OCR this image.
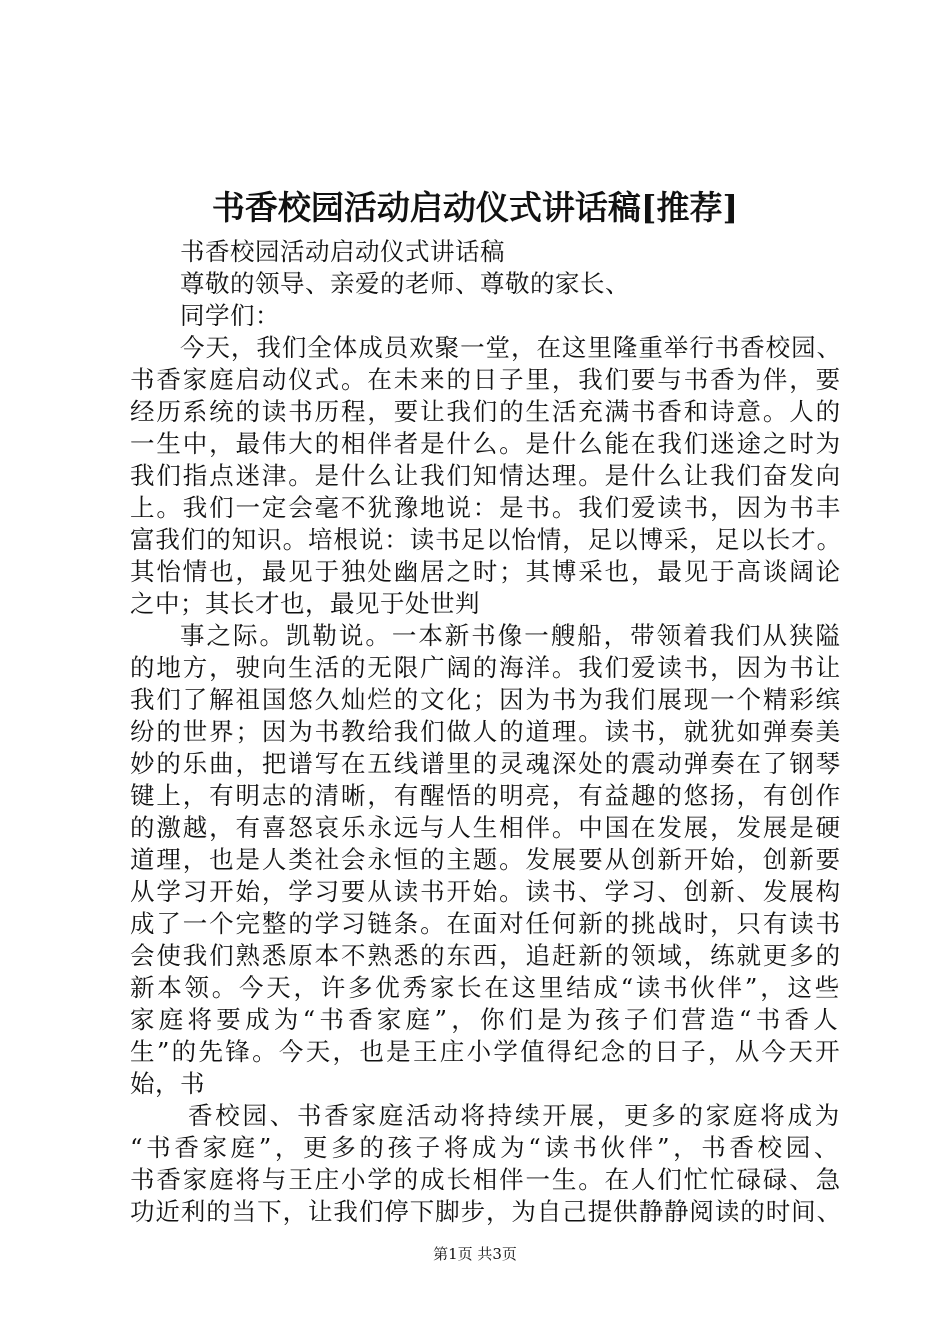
书香校园活动启动仪式讲话稿[推荐]
书香校园活动启动仪式讲话稿
尊敬的领导、亲爱的老师、尊敬的家长、
同学们：
今天，我们全体成员欢聚一堂，在这里隆重举行书香校园、
书香家庭启动仪式。在未来的日子里，我们要与书香为伴，要
经历系统的读书历程，要让我们的生活充满书香和诗意。人的
一生中，最伟大的相伴者是什么。是什么能在我们迷途之时为
我们指点迷津。是什么让我们知情达理。是什么让我们奋发向
上。我们一定会毫不犹豫地说：是书。我们爱读书，因为书丰
富我们的知识。培根说：读书足以怡情，足以博采，足以长才。
其怡情也，最见于独处幽居之时；其博采也，最见于高谈阔论
之中；其长才也，最见于处世判
事之际。凯勒说。一本新书像一艘船，带领着我们从狭隘
的地方，驶向生活的无限广阔的海洋。我们爱读书，因为书让
我们了解祖国悠久灿烂的文化；因为书为我们展现一个精彩缤
纷的世界；因为书教给我们做人的道理。读书，就犹如弹奏美
妙的乐曲，把谱写在五线谱里的灵魂深处的震动弹奏在了钢琴
键上，有明志的清晰，有醒悟的明亮，有益趣的悠扬，有创作
的激越，有喜怒哀乐永远与人生相伴。中国在发展，发展是硬
道理，也是人类社会永恒的主题。发展要从创新开始，创新要
从学习开始，学习要从读书开始。读书、学习、创新、发展构
成了一个完整的学习链条。在面对任何新的挑战时，只有读书
会使我们熟悉原本不熟悉的东西，追赶新的领域，练就更多的
新本领。今天，许多优秀家长在这里结成“读书伙伴”，这些
家庭将要成为“书香家庭”，你们是为孩子们营造“书香人
生”的先锋。今天，也是王庄小学值得纪念的日子，从今天开
始，书
香校园、书香家庭活动将持续开展，更多的家庭将成为
“书香家庭”，更多的孩子将成为“读书伙伴”，书香校园、
书香家庭将与王庄小学的成长相伴一生。在人们忙忙碌碌、急
功近利的当下，让我们停下脚步，为自己提供静静阅读的时间、
第1页 共3页
